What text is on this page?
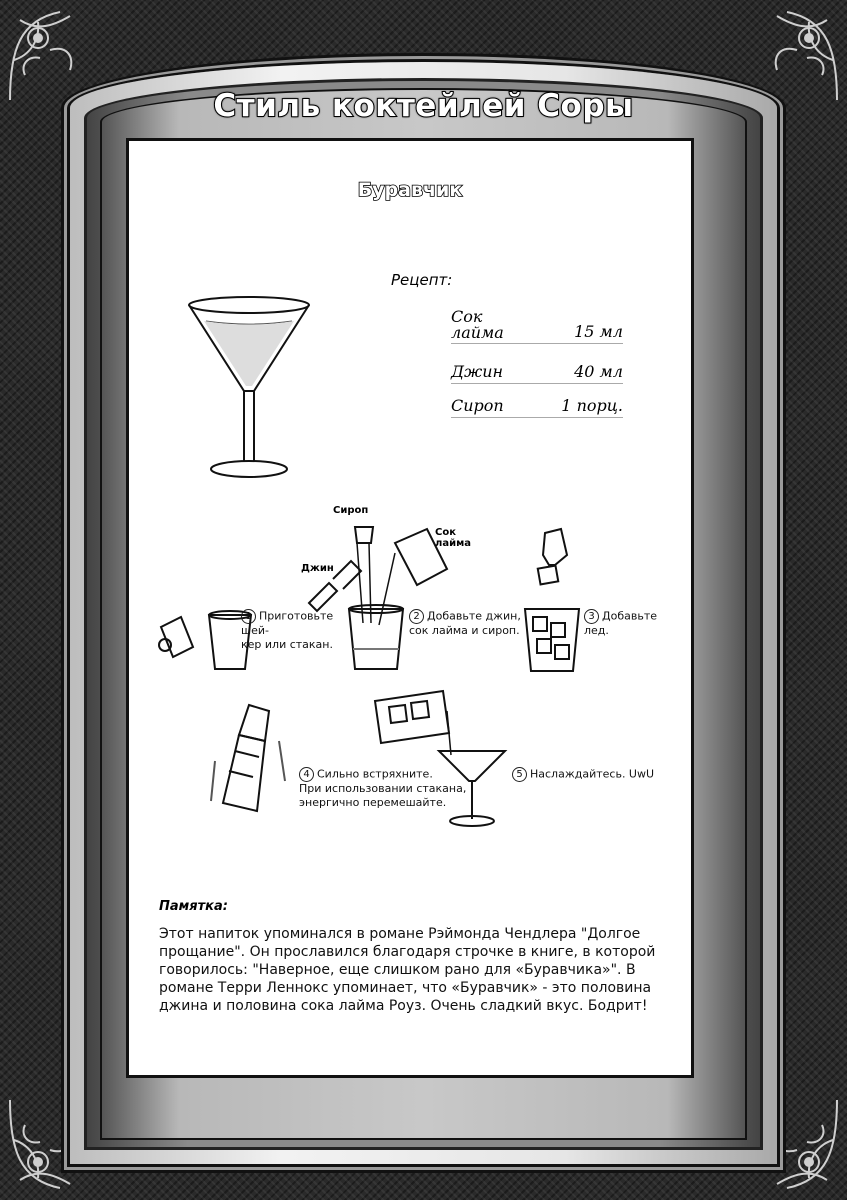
Стиль коктейлей Соры
Буравчик
Рецепт:
Сок лайма	15 мл
Джин	40 мл
Сироп	1 порц.
1 Приготовьте шей-
кер или стакан.
Сироп
Сок
лайма
Джин
2 Добавьте джин,
сок лайма и сироп.
3 Добавьте лед.
4 Сильно встряхните.
При использовании стакана,
энергично перемешайте.
5 Наслаждайтесь. UwU
Памятка:
Этот напиток упоминался в романе Рэймонда Чендлера "Долгое прощание". Он прославился благодаря строчке в книге, в которой говорилось: "Наверное, еще слишком рано для «Буравчика»". В романе Терри Леннокс упоминает, что «Буравчик» - это половина джина и половина сока лайма Роуз. Очень сладкий вкус. Бодрит!
